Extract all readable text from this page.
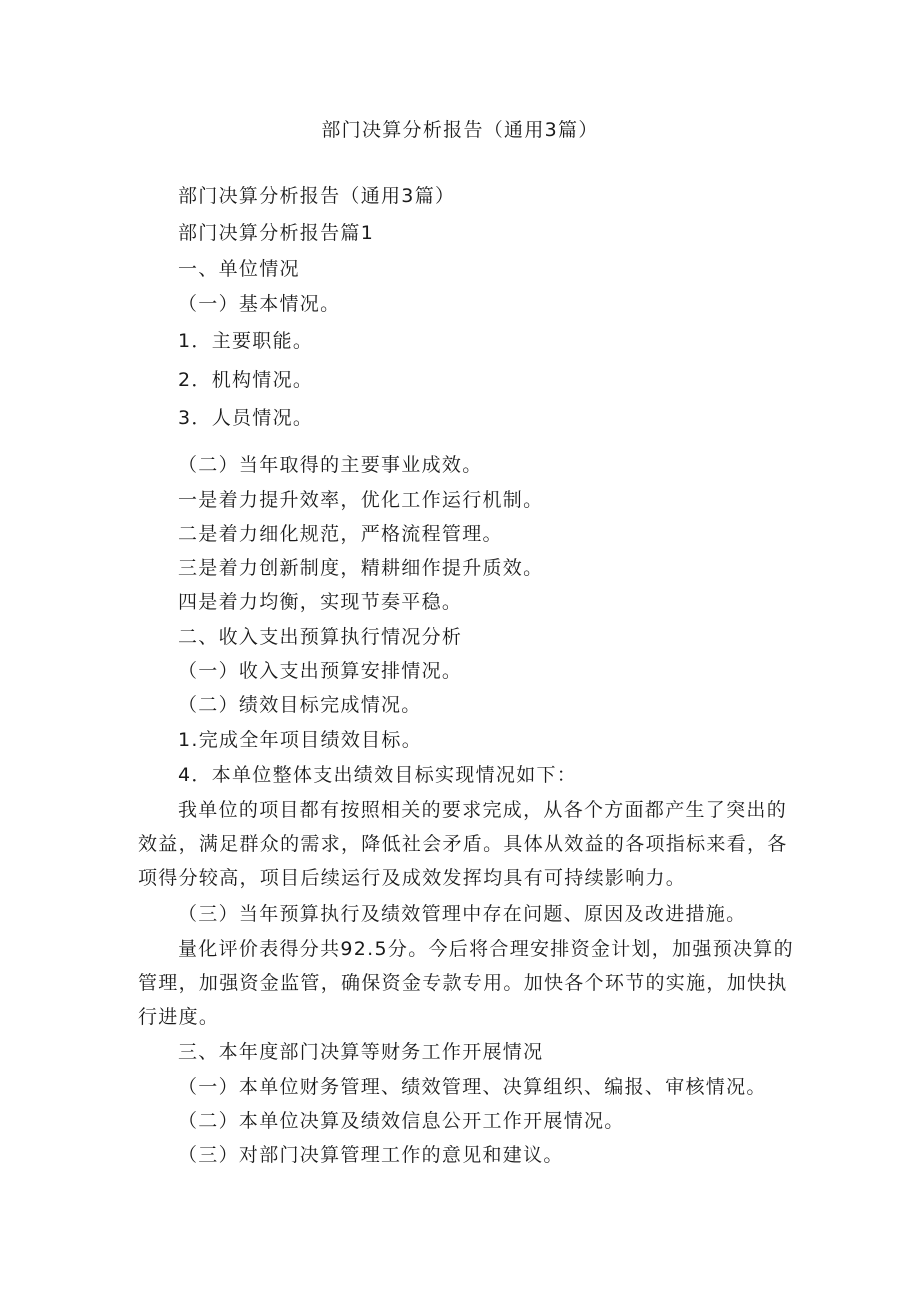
部门决算分析报告（通用3篇）
部门决算分析报告（通用3篇）
部门决算分析报告篇1
一、单位情况
（一）基本情况。
1．主要职能。
2．机构情况。
3．人员情况。
（二）当年取得的主要事业成效。
一是着力提升效率，优化工作运行机制。
二是着力细化规范，严格流程管理。
三是着力创新制度，精耕细作提升质效。
四是着力均衡，实现节奏平稳。
二、收入支出预算执行情况分析
（一）收入支出预算安排情况。
（二）绩效目标完成情况。
1.完成全年项目绩效目标。
4．本单位整体支出绩效目标实现情况如下：
我单位的项目都有按照相关的要求完成，从各个方面都产生了突出的
效益，满足群众的需求，降低社会矛盾。具体从效益的各项指标来看，各
项得分较高，项目后续运行及成效发挥均具有可持续影响力。
（三）当年预算执行及绩效管理中存在问题、原因及改进措施。
量化评价表得分共92.5分。今后将合理安排资金计划，加强预决算的
管理，加强资金监管，确保资金专款专用。加快各个环节的实施，加快执
行进度。
三、本年度部门决算等财务工作开展情况
（一）本单位财务管理、绩效管理、决算组织、编报、审核情况。
（二）本单位决算及绩效信息公开工作开展情况。
（三）对部门决算管理工作的意见和建议。
